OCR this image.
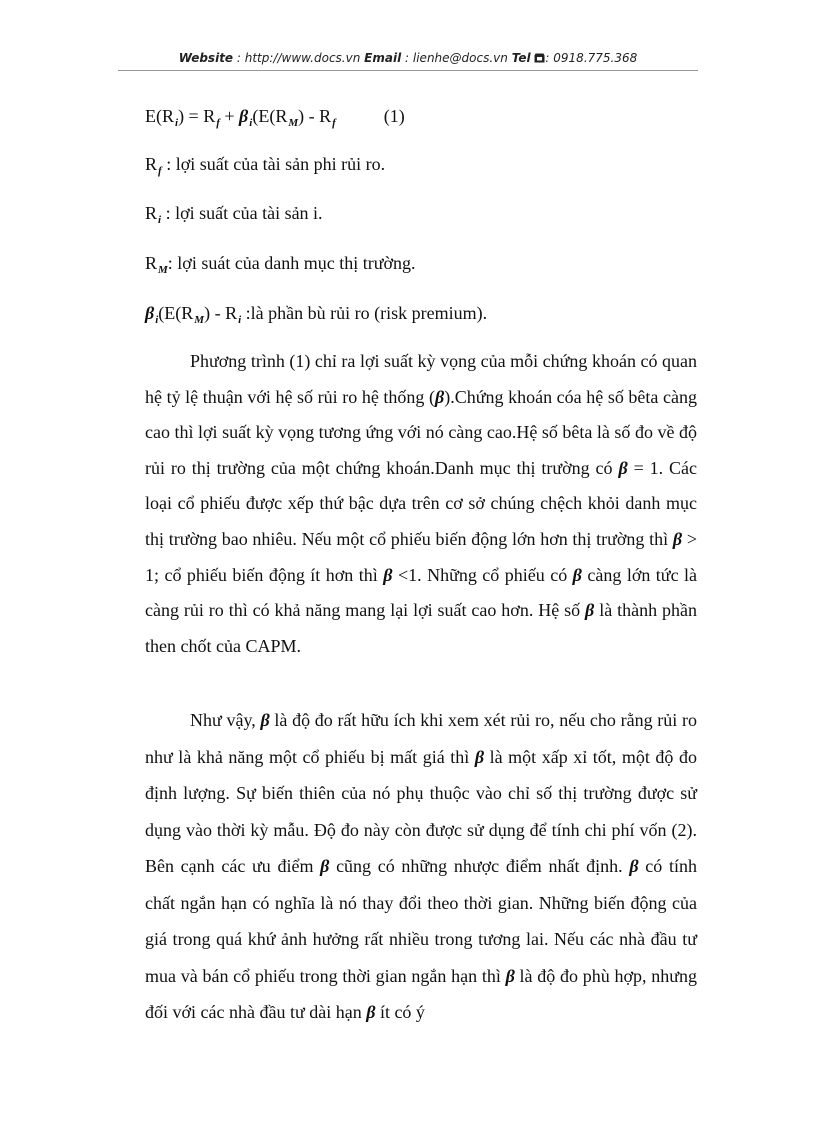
Website : http://www.docs.vn Email : lienhe@docs.vn Tel : 0918.775.368
$E(R_i) = R_f + \beta_i(E(R_M) - R_f$	(1)
$R_f$ : lợi suất của tài sản phi rủi ro.
$R_i$ : lợi suất của tài sản i.
$R_M$: lợi suát của danh mục thị trường.
$\beta_i(E(R_M) - R_i$ :là phần bù rủi ro (risk premium).
Phương trình (1) chỉ ra lợi suất kỳ vọng của mỗi chứng khoán có quan hệ tỷ lệ thuận với hệ số rủi ro hệ thống (β).Chứng khoán cóa hệ số bêta càng cao thì lợi suất kỳ vọng tương ứng với nó càng cao.Hệ số bêta là số đo về độ rủi ro thị trường của một chứng khoán.Danh mục thị trường có β = 1. Các loại cổ phiếu được xếp thứ bậc dựa trên cơ sở chúng chệch khỏi danh mục thị trường bao nhiêu. Nếu một cổ phiếu biến động lớn hơn thị trường thì β > 1; cổ phiếu biến động ít hơn thì β <1. Những cổ phiếu có β càng lớn tức là càng rủi ro thì có khả năng mang lại lợi suất cao hơn. Hệ số β là thành phần then chốt của CAPM.
Như vậy, β là độ đo rất hữu ích khi xem xét rủi ro, nếu cho rằng rủi ro như là khả năng một cổ phiếu bị mất giá thì β là một xấp xỉ tốt, một độ đo định lượng. Sự biến thiên của nó phụ thuộc vào chỉ số thị trường được sử dụng vào thời kỳ mẫu. Độ đo này còn được sử dụng để tính chi phí vốn (2). Bên cạnh các ưu điểm β cũng có những nhược điểm nhất định. β có tính chất ngắn hạn có nghĩa là nó thay đổi theo thời gian. Những biến động của giá trong quá khứ ảnh hưởng rất nhiều trong tương lai. Nếu các nhà đầu tư mua và bán cổ phiếu trong thời gian ngắn hạn thì β là độ đo phù hợp, nhưng đối với các nhà đầu tư dài hạn β ít có ý
